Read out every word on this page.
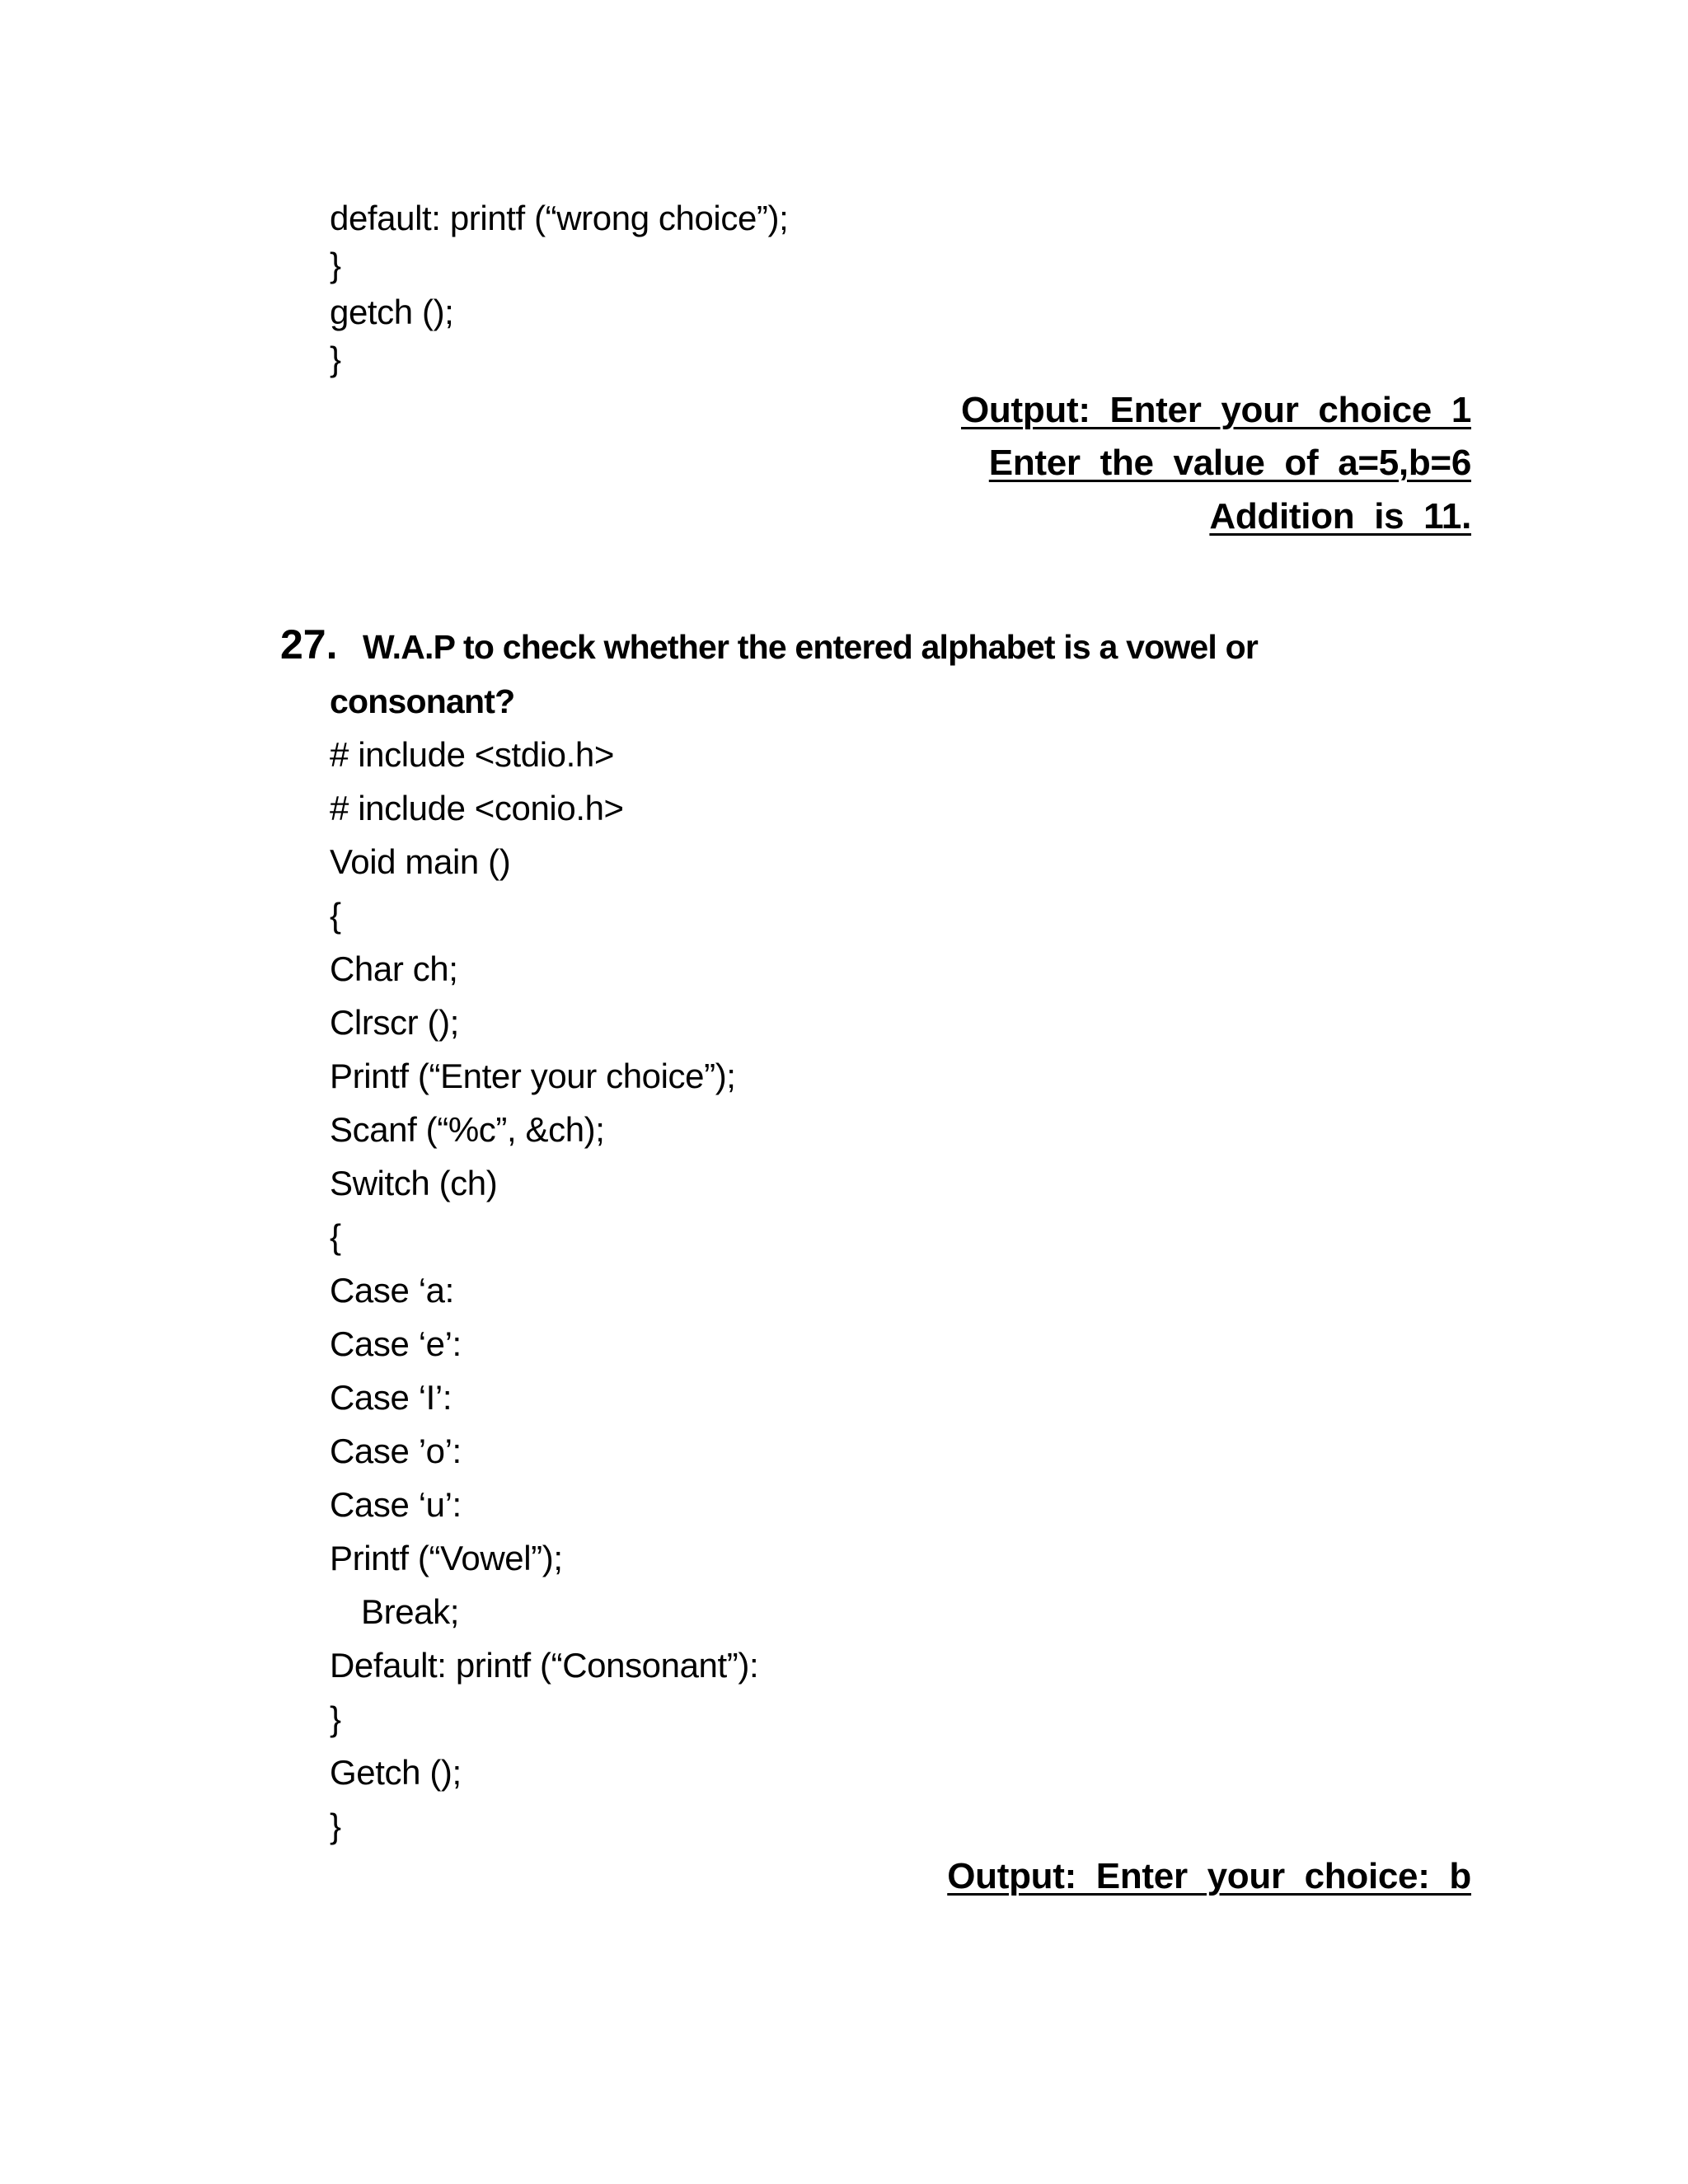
default: printf (“wrong choice”);
}
getch ();
}
Output:  Enter  your  choice  1
Enter  the  value  of  a=5,b=6
Addition  is  11.
27. W.A.P to check whether the entered alphabet is a vowel or
consonant?
# include <stdio.h>
# include <conio.h>
Void main ()
{
Char ch;
Clrscr ();
Printf (“Enter your choice”);
Scanf (“%c”, &ch);
Switch (ch)
{
Case ‘a:
Case ‘e’:
Case ‘I’:
Case ’o’:
Case ‘u’:
Printf (“Vowel”);
Break;
Default: printf (“Consonant”):
}
Getch ();
}
Output:  Enter  your  choice:  b
